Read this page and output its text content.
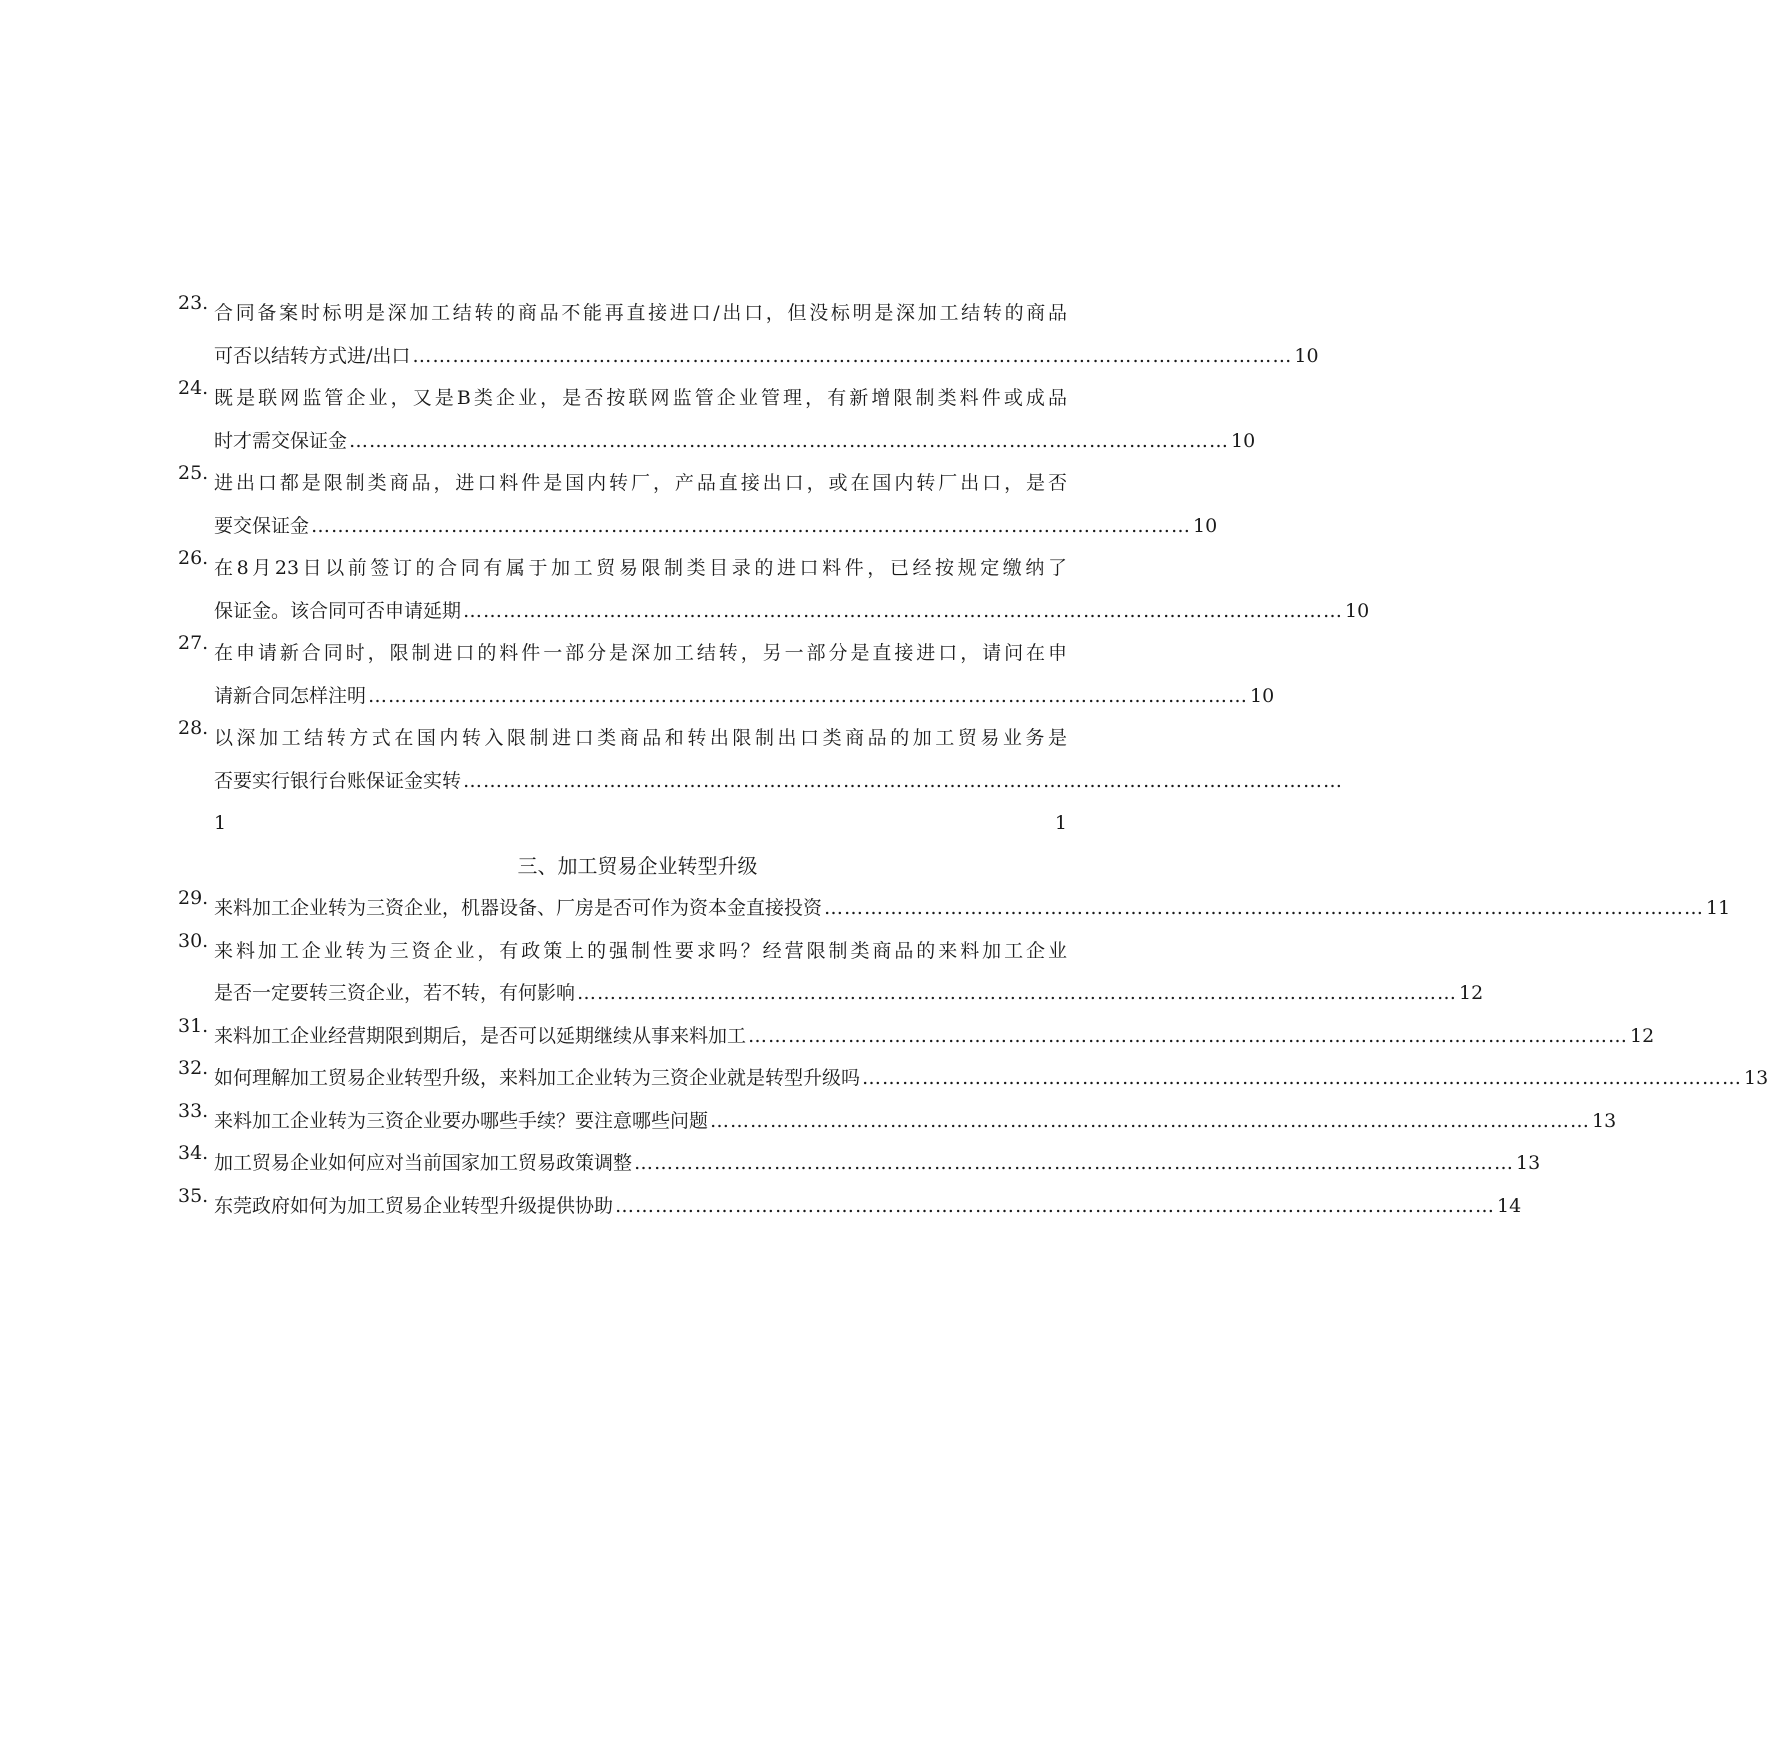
23. 合同备案时标明是深加工结转的商品不能再直接进口/出口，但没标明是深加工结转的商品
可否以结转方式进/出口 …………………………………………………………………………………………………………………… 10
24. 既是联网监管企业，又是B类企业，是否按联网监管企业管理，有新增限制类料件或成品
时才需交保证金 …………………………………………………………………………………………………………………… 10
25. 进出口都是限制类商品，进口料件是国内转厂，产品直接出口，或在国内转厂出口，是否
要交保证金 …………………………………………………………………………………………………………………… 10
26. 在8月23日以前签订的合同有属于加工贸易限制类目录的进口料件，已经按规定缴纳了
保证金。该合同可否申请延期 …………………………………………………………………………………………………………………… 10
27. 在申请新合同时，限制进口的料件一部分是深加工结转，另一部分是直接进口，请问在申
请新合同怎样注明 …………………………………………………………………………………………………………………… 10
28. 以深加工结转方式在国内转入限制进口类商品和转出限制出口类商品的加工贸易业务是
否要实行银行台账保证金实转 ……………………………………………………………………………………………………………………
1	1
三、加工贸易企业转型升级
29. 来料加工企业转为三资企业，机器设备、厂房是否可作为资本金直接投资 …………………………………………………………………………………………………………………… 11
30. 来料加工企业转为三资企业，有政策上的强制性要求吗？经营限制类商品的来料加工企业
是否一定要转三资企业，若不转，有何影响 …………………………………………………………………………………………………………………… 12
31. 来料加工企业经营期限到期后，是否可以延期继续从事来料加工 …………………………………………………………………………………………………………………… 12
32. 如何理解加工贸易企业转型升级，来料加工企业转为三资企业就是转型升级吗 …………………………………………………………………………………………………………………… 13
33. 来料加工企业转为三资企业要办哪些手续？要注意哪些问题 …………………………………………………………………………………………………………………… 13
34. 加工贸易企业如何应对当前国家加工贸易政策调整 …………………………………………………………………………………………………………………… 13
35. 东莞政府如何为加工贸易企业转型升级提供协助 …………………………………………………………………………………………………………………… 14
